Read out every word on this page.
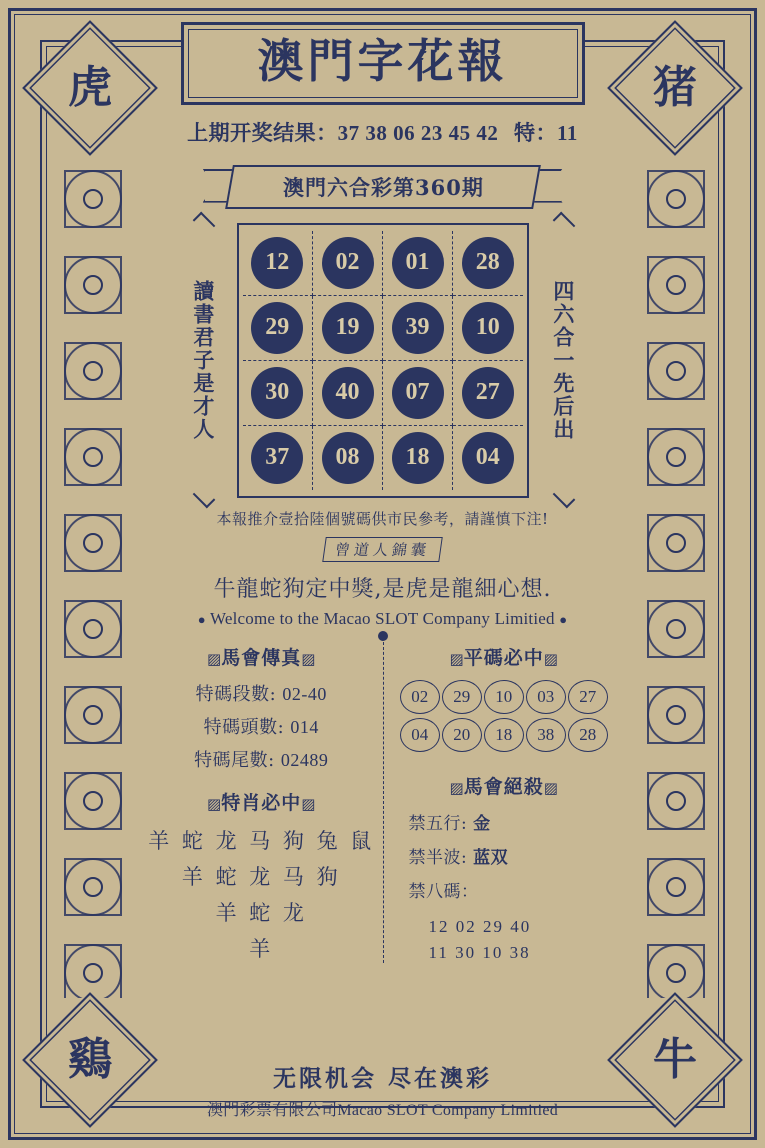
虎	猪
鷄	牛
澳門字花報
上期开奖结果：37 38 06 23 45 42 特：11
澳門六合彩第360期
讀書君子是才人
12	02	01	28
29	19	39	10
30	40	07	27
37	08	18	04
四六合一先后出
本報推介壹拾陸個號碼供市民參考，請謹慎下注!
曾道人錦囊
牛龍蛇狗定中獎,是虎是龍細心想.
● Welcome to the Macao SLOT Company Limitied ●
▨馬會傳真▨
特碼段數: 02-40
特碼頭數: 014
特碼尾數: 02489
▨特肖必中▨
羊 蛇 龙 马 狗 兔 鼠
羊 蛇 龙 马 狗
羊 蛇 龙
羊
▨平碼必中▨
02	29	10	03	27
04	20	18	38	28
▨馬會絕殺▨
禁五行: 金
禁半波: 蓝双
禁八碼：
12 02 29 40
11 30 10 38
无限机会 尽在澳彩
澳門彩票有限公司Macao SLOT Company Limitied
